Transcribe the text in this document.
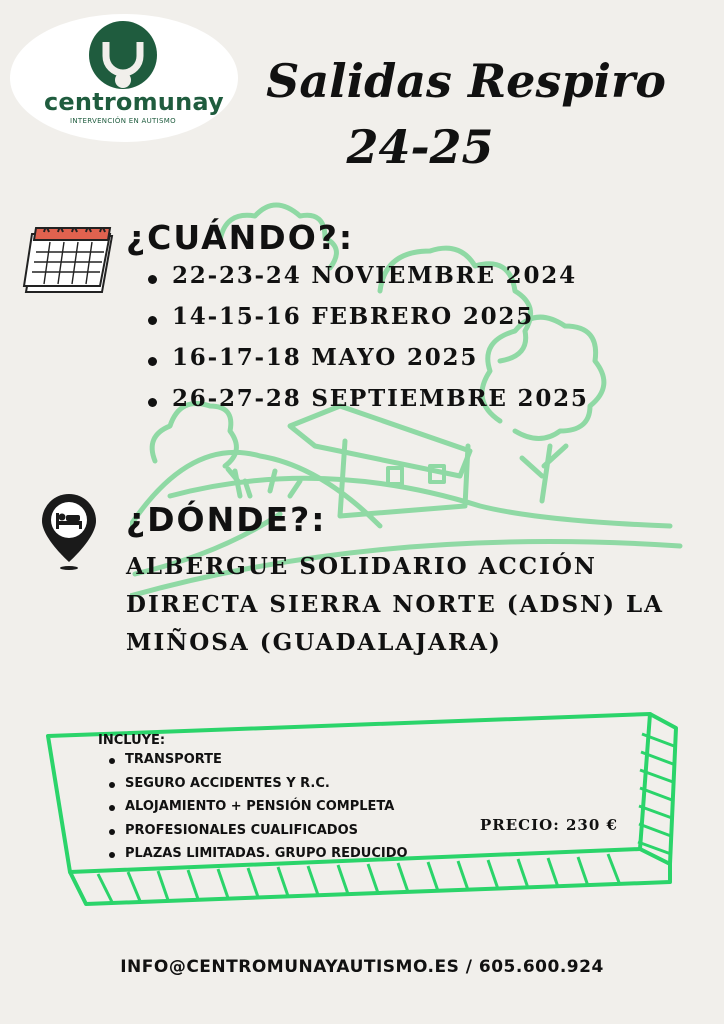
centromunay
INTERVENCIÓN EN AUTISMO
Salidas Respiro
24-25
¿CUÁNDO?:
22-23-24 NOVIEMBRE 2024
14-15-16 FEBRERO 2025
16-17-18 MAYO 2025
26-27-28 SEPTIEMBRE 2025
¿DÓNDE?:
ALBERGUE SOLIDARIO ACCIÓN
DIRECTA SIERRA NORTE (ADSN) LA
MIÑOSA (GUADALAJARA)
INCLUYE:
TRANSPORTE
SEGURO ACCIDENTES Y R.C.
ALOJAMIENTO + PENSIÓN COMPLETA
PROFESIONALES CUALIFICADOS
PLAZAS LIMITADAS. GRUPO REDUCIDO
PRECIO: 230 €
INFO@CENTROMUNAYAUTISMO.ES / 605.600.924
